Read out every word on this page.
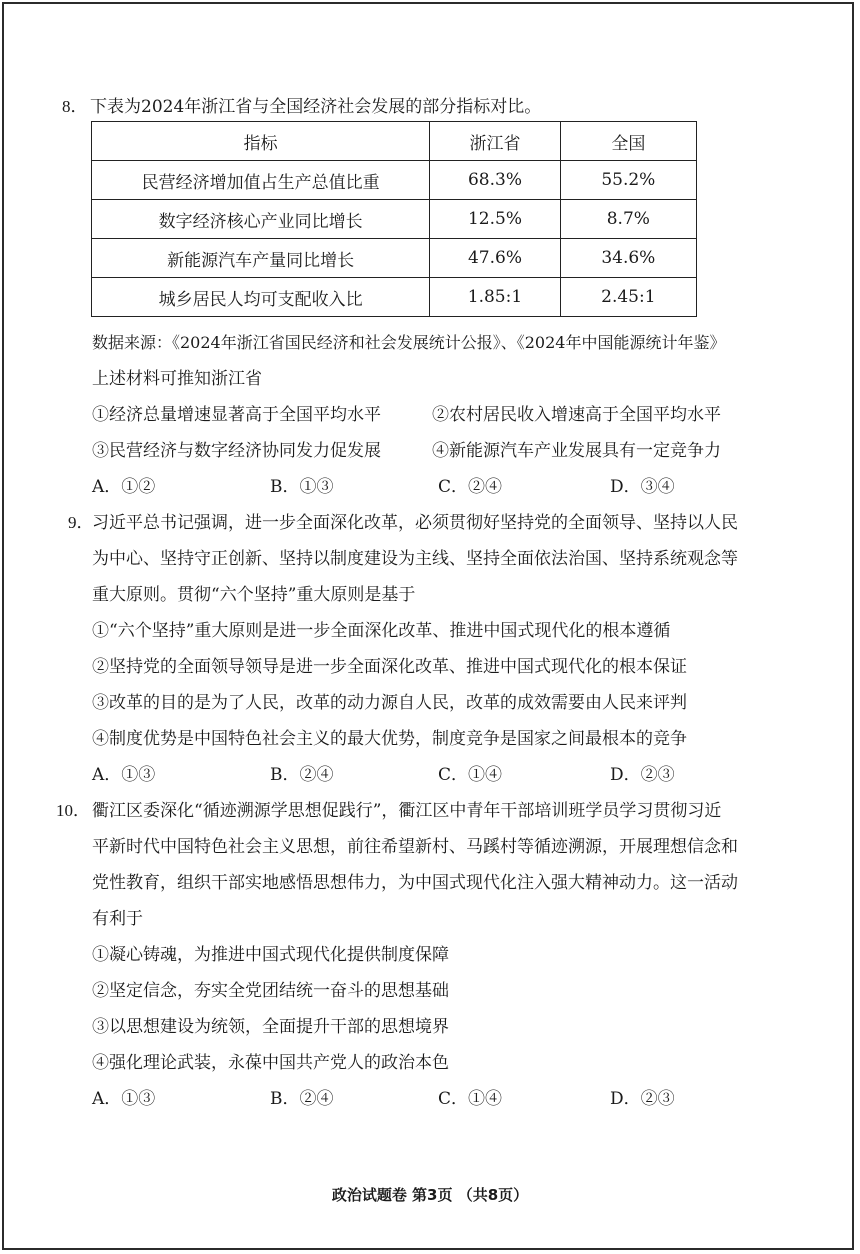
8． 下表为2024年浙江省与全国经济社会发展的部分指标对比。
指标	浙江省	全国
民营经济增加值占生产总值比重	68.3%	55.2%
数字经济核心产业同比增长	12.5%	8.7%
新能源汽车产量同比增长	47.6%	34.6%
城乡居民人均可支配收入比	1.85:1	2.45:1
数据来源：《2024年浙江省国民经济和社会发展统计公报》、《2024年中国能源统计年鉴》
上述材料可推知浙江省
①经济总量增速显著高于全国平均水平	②农村居民收入增速高于全国平均水平
③民营经济与数字经济协同发力促发展	④新能源汽车产业发展具有一定竞争力
A．①②	B．①③	C．②④	D．③④
9．
习近平总书记强调，进一步全面深化改革，必须贯彻好坚持党的全面领导、坚持以人民
为中心、坚持守正创新、坚持以制度建设为主线、坚持全面依法治国、坚持系统观念等
重大原则。贯彻“六个坚持”重大原则是基于
①“六个坚持”重大原则是进一步全面深化改革、推进中国式现代化的根本遵循
②坚持党的全面领导领导是进一步全面深化改革、推进中国式现代化的根本保证
③改革的目的是为了人民，改革的动力源自人民，改革的成效需要由人民来评判
④制度优势是中国特色社会主义的最大优势，制度竞争是国家之间最根本的竞争
A．①③	B．②④	C．①④	D．②③
10． 衢江区委深化“循迹溯源学思想促践行”，衢江区中青年干部培训班学员学习贯彻习近
平新时代中国特色社会主义思想，前往希望新村、马蹊村等循迹溯源，开展理想信念和
党性教育，组织干部实地感悟思想伟力，为中国式现代化注入强大精神动力。这一活动
有利于
①凝心铸魂，为推进中国式现代化提供制度保障
②坚定信念，夯实全党团结统一奋斗的思想基础
③以思想建设为统领，全面提升干部的思想境界
④强化理论武装，永葆中国共产党人的政治本色
A．①③	B．②④	C．①④	D．②③
政治试题卷 第3页 （共8页）
